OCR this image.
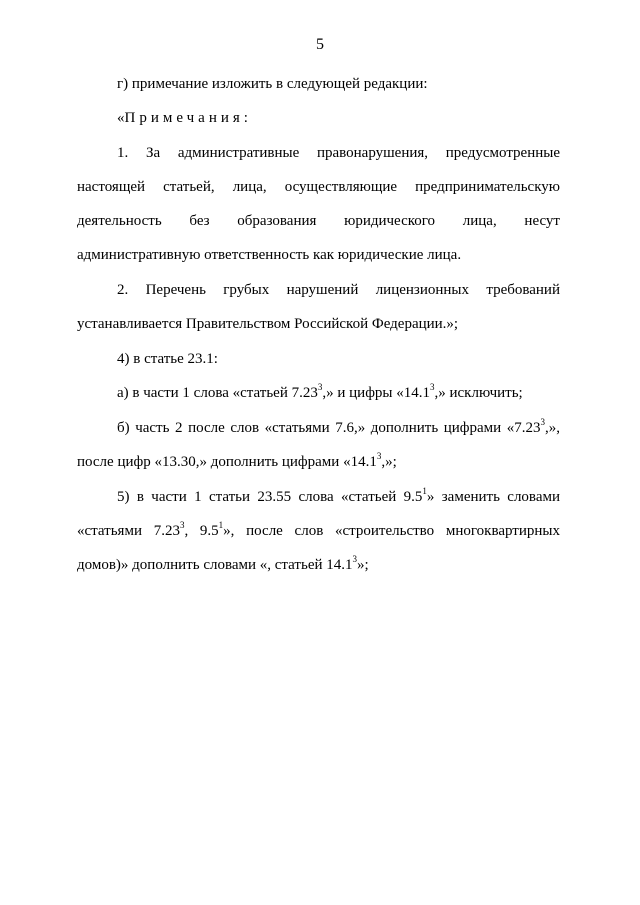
5
г) примечание изложить в следующей редакции:
«Примечания:
1. За административные правонарушения, предусмотренные
настоящей статьей, лица, осуществляющие предпринимательскую
деятельность без образования юридического лица, несут
административную ответственность как юридические лица.
2. Перечень грубых нарушений лицензионных требований
устанавливается Правительством Российской Федерации.»;
4) в статье 23.1:
а) в части 1 слова «статьей 7.23$^3$,» и цифры «14.1$^3$,» исключить;
б) часть 2 после слов «статьями 7.6,» дополнить цифрами «7.23$^3$,»,
после цифр «13.30,» дополнить цифрами «14.1$^3$,»;
5) в части 1 статьи 23.55 слова «статьей $9.5^1$» заменить словами
«статьями 7.23$^3$, $9.5^1$», после слов «строительство многоквартирных
домов)» дополнить словами «, статьей 14.1$^3$»;
